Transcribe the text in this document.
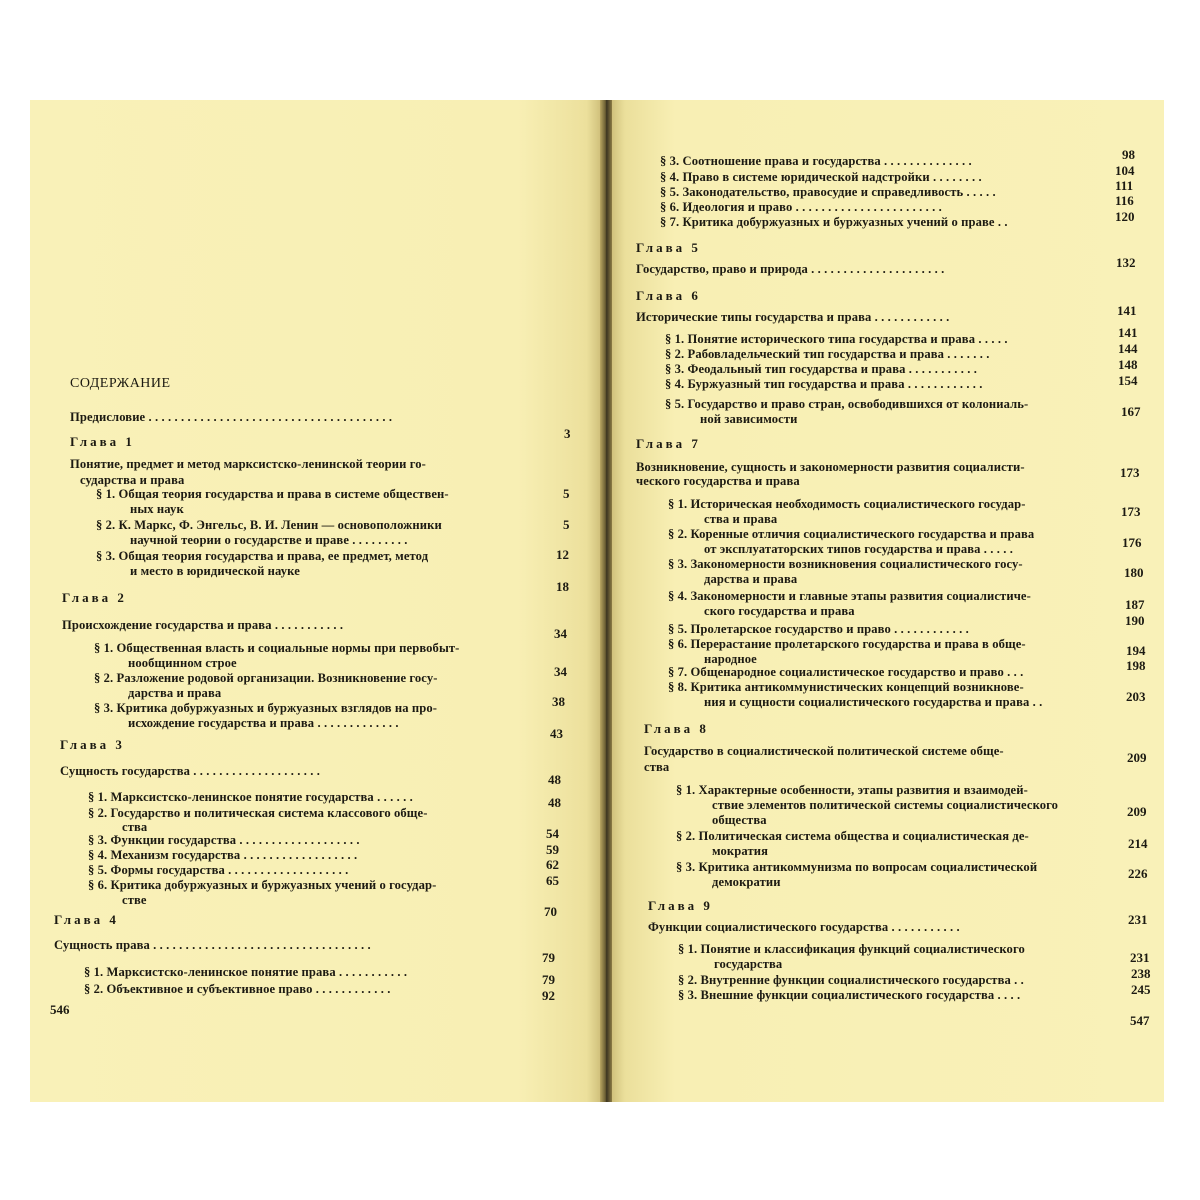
СОДЕРЖАНИЕ
546
547
Предисловие . . . . . . . . . . . . . . . . . . . . . . . . . . . . . . . . . . . . . .
Понятие, предмет и метод марксистско-ленинской теории го-
сударства и права
§ 1. Общая теория государства и права в системе обществен-
ных наук
§ 2. К. Маркс, Ф. Энгельс, В. И. Ленин — основоположники
научной теории о государстве и праве . . . . . . . . .
§ 3. Общая теория государства и права, ее предмет, метод
и место в юридической науке
Происхождение государства и права . . . . . . . . . . .
§ 1. Общественная власть и социальные нормы при первобыт-
нообщинном строе
§ 2. Разложение родовой организации. Возникновение госу-
дарства и права
§ 3. Критика добуржуазных и буржуазных взглядов на про-
исхождение государства и права . . . . . . . . . . . . .
Сущность государства . . . . . . . . . . . . . . . . . . . .
§ 1. Марксистско-ленинское понятие государства . . . . . .
§ 2. Государство и политическая система классового обще-
ства
§ 3. Функции государства . . . . . . . . . . . . . . . . . . .
§ 4. Механизм государства . . . . . . . . . . . . . . . . . .
§ 5. Формы государства . . . . . . . . . . . . . . . . . . .
§ 6. Критика добуржуазных и буржуазных учений о государ-
стве
Сущность права . . . . . . . . . . . . . . . . . . . . . . . . . . . . . . . . . .
§ 1. Марксистско-ленинское понятие права . . . . . . . . . . .
§ 2. Объективное и субъективное право . . . . . . . . . . . .
Глава 1
Глава 2
Глава 3
Глава 4
3
5
5
12
18
34
34
38
43
48
48
54
59
62
65
70
79
79
92
§ 3. Соотношение права и государства . . . . . . . . . . . . . .
§ 4. Право в системе юридической надстройки . . . . . . . .
§ 5. Законодательство, правосудие и справедливость . . . . .
§ 6. Идеология и право . . . . . . . . . . . . . . . . . . . . . . .
§ 7. Критика добуржуазных и буржуазных учений о праве . .
Государство, право и природа . . . . . . . . . . . . . . . . . . . . .
Исторические типы государства и права . . . . . . . . . . . .
§ 1. Понятие исторического типа государства и права . . . . .
§ 2. Рабовладельческий тип государства и права . . . . . . .
§ 3. Феодальный тип государства и права . . . . . . . . . . .
§ 4. Буржуазный тип государства и права . . . . . . . . . . . .
§ 5. Государство и право стран, освободившихся от колониаль-
ной зависимости
Возникновение, сущность и закономерности развития социалисти-
ческого государства и права
§ 1. Историческая необходимость социалистического государ-
ства и права
§ 2. Коренные отличия социалистического государства и права
от эксплуататорских типов государства и права . . . . .
§ 3. Закономерности возникновения социалистического госу-
дарства и права
§ 4. Закономерности и главные этапы развития социалистиче-
ского государства и права
§ 5. Пролетарское государство и право . . . . . . . . . . . .
§ 6. Перерастание пролетарского государства и права в обще-
народное
§ 7. Общенародное социалистическое государство и право . . .
§ 8. Критика антикоммунистических концепций возникнове-
ния и сущности социалистического государства и права . .
Государство в социалистической политической системе обще-
ства
§ 1. Характерные особенности, этапы развития и взаимодей-
ствие элементов политической системы социалистического
общества
§ 2. Политическая система общества и социалистическая де-
мократия
§ 3. Критика антикоммунизма по вопросам социалистической
демократии
Функции социалистического государства . . . . . . . . . . .
§ 1. Понятие и классификация функций социалистического
государства
§ 2. Внутренние функции социалистического государства . .
§ 3. Внешние функции социалистического государства . . . .
Глава 5
Глава 6
Глава 7
Глава 8
Глава 9
98
104
111
116
120
132
141
141
144
148
154
167
173
173
176
180
187
190
194
198
203
209
209
214
226
231
231
238
245
